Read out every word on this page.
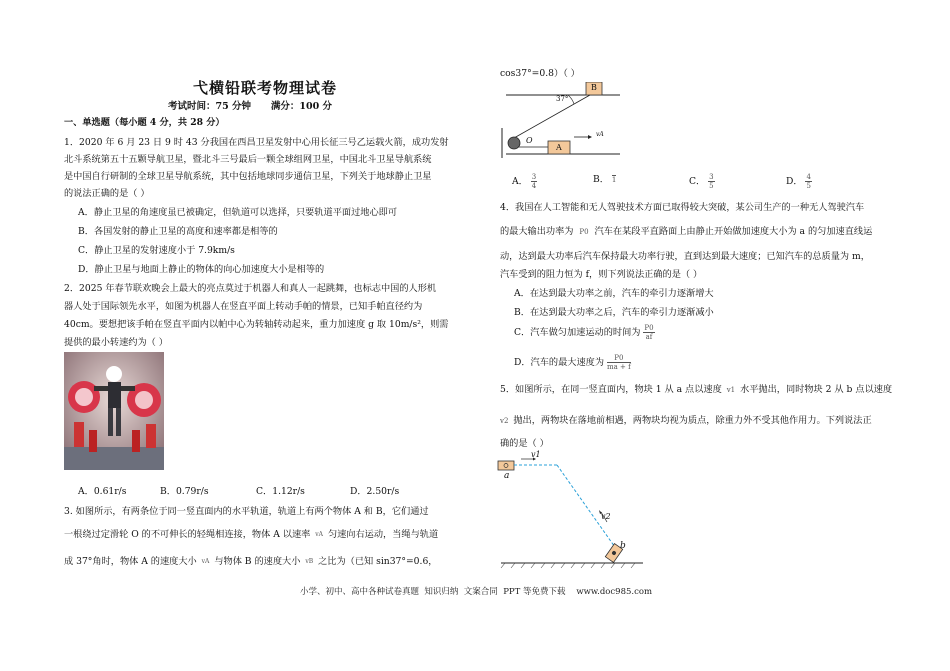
弋横铅联考物理试卷
考试时间：75 分钟      满分：100 分
一、单选题（每小题 4 分，共 28 分）
1．2020 年 6 月 23 日 9 时 43 分我国在西昌卫星发射中心用长征三号乙运载火箭，成功发射
北斗系统第五十五颗导航卫星，暨北斗三号最后一颗全球组网卫星，中国北斗卫星导航系统
是中国自行研制的全球卫星导航系统，其中包括地球同步通信卫星，下列关于地球静止卫星
的说法正确的是（ ）
A．静止卫星的角速度虽已被确定，但轨道可以选择，只要轨道平面过地心即可
B．各国发射的静止卫星的高度和速率都是相等的
C．静止卫星的发射速度小于 7.9km/s
D．静止卫星与地面上静止的物体的向心加速度大小是相等的
2．2025 年春节联欢晚会上最大的亮点莫过于机器人和真人一起跳舞，也标志中国的人形机
器人处于国际领先水平，如图为机器人在竖直平面上转动手帕的情景，已知手帕直径约为
40cm。要想把该手帕在竖直平面内以帕中心为转轴转动起来，重力加速度 g 取 10m/s²，则需
提供的最小转速约为（ ）
A．0.61r/s	B．0.79r/s	C．1.12r/s	D．2.50r/s
3. 如图所示，有两条位于同一竖直面内的水平轨道，轨道上有两个物体 A 和 B，它们通过
一根绕过定滑轮 O 的不可伸长的轻绳相连接，物体 A 以速率 vA 匀速向右运动，当绳与轨道
成 37°角时，物体 A 的速度大小 vA 与物体 B 的速度大小 vB 之比为（已知 sin37°=0.6，
cos37°=0.8）（ ）
B
A
O
37°
vA
A． $\frac{3}{4}$	B． 1	C． $\frac{3}{5}$	D． $\frac{4}{5}$
4．我国在人工智能和无人驾驶技术方面已取得较大突破，某公司生产的一种无人驾驶汽车
的最大输出功率为 P0 汽车在某段平直路面上由静止开始做加速度大小为 a 的匀加速直线运
动，达到最大功率后汽车保持最大功率行驶，直到达到最大速度；已知汽车的总质量为 m，
汽车受到的阻力恒为 f，则下列说法正确的是（ ）
A．在达到最大功率之前，汽车的牵引力逐渐增大
B．在达到最大功率之后，汽车的牵引力逐渐减小
C．汽车做匀加速运动的时间为 $\frac{P0}{af}$
D．汽车的最大速度为 $\frac{P0}{ma + f}$
5．如图所示，在同一竖直面内，物块 1 从 a 点以速度 v1 水平抛出，同时物块 2 从 b 点以速度
v2 抛出，两物块在落地前相遇，两物块均视为质点，除重力外不受其他作用力。下列说法正
确的是（ ）
v1
a
v2
b
小学、初中、高中各种试卷真题  知识归纳  文案合同  PPT 等免费下载    www.doc985.com
